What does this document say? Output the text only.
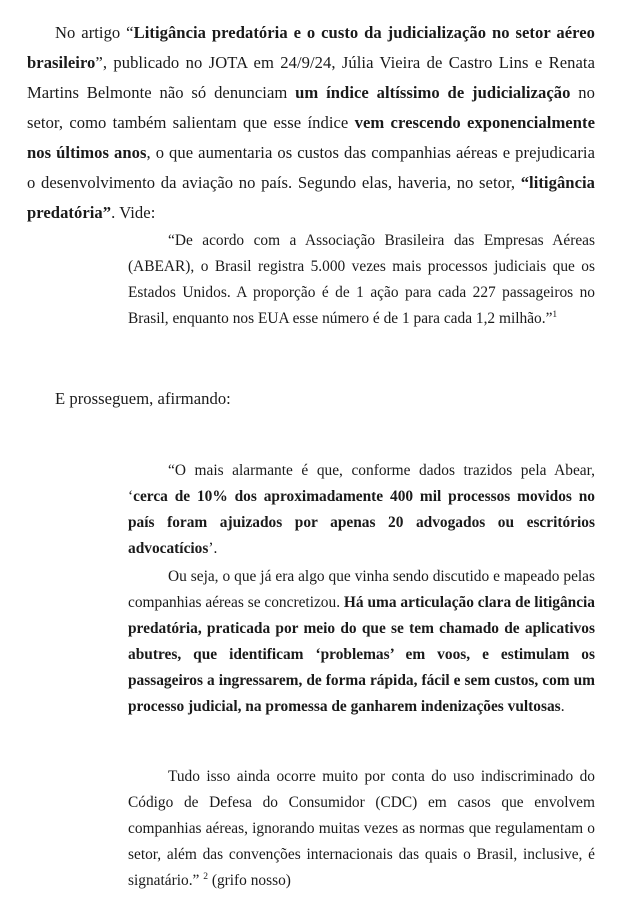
No artigo “Litigância predatória e o custo da judicialização no setor aéreo brasileiro”, publicado no JOTA em 24/9/24, Júlia Vieira de Castro Lins e Renata Martins Belmonte não só denunciam um índice altíssimo de judicialização no setor, como também salientam que esse índice vem crescendo exponencialmente nos últimos anos, o que aumentaria os custos das companhias aéreas e prejudicaria o desenvolvimento da aviação no país. Segundo elas, haveria, no setor, “litigância predatória”. Vide:

“De acordo com a Associação Brasileira das Empresas Aéreas (ABEAR), o Brasil registra 5.000 vezes mais processos judiciais que os Estados Unidos. A proporção é de 1 ação para cada 227 passageiros no Brasil, enquanto nos EUA esse número é de 1 para cada 1,2 milhão.”$^1$

E prosseguem, afirmando:

“O mais alarmante é que, conforme dados trazidos pela Abear, ‘cerca de 10% dos aproximadamente 400 mil processos movidos no país foram ajuizados por apenas 20 advogados ou escritórios advocatícios’.

Ou seja, o que já era algo que vinha sendo discutido e mapeado pelas companhias aéreas se concretizou. Há uma articulação clara de litigância predatória, praticada por meio do que se tem chamado de aplicativos abutres, que identificam ‘problemas’ em voos, e estimulam os passageiros a ingressarem, de forma rápida, fácil e sem custos, com um processo judicial, na promessa de ganharem indenizações vultosas.

Tudo isso ainda ocorre muito por conta do uso indiscriminado do Código de Defesa do Consumidor (CDC) em casos que envolvem companhias aéreas, ignorando muitas vezes as normas que regulamentam o setor, além das convenções internacionais das quais o Brasil, inclusive, é signatário.” $^2$ (grifo nosso)
